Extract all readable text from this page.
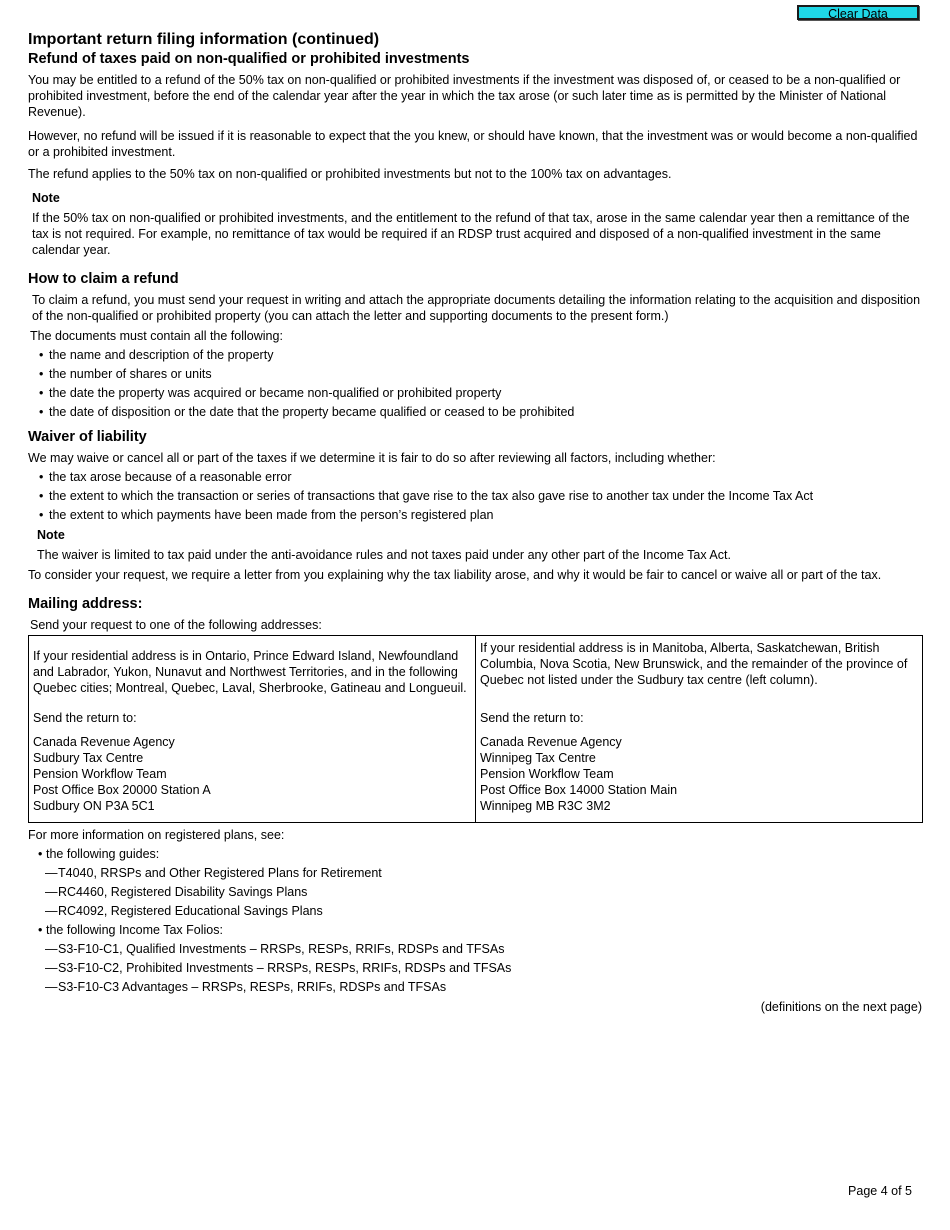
Clear Data
Important return filing information (continued)
Refund of taxes paid on non-qualified or prohibited investments

You may be entitled to a refund of the 50% tax on non-qualified or prohibited investments if the investment was disposed of, or ceased to be a non-qualified or prohibited investment, before the end of the calendar year after the year in which the tax arose (or such later time as is permitted by the Minister of National Revenue).

However, no refund will be issued if it is reasonable to expect that the you knew, or should have known, that the investment was or would become a non-qualified or a prohibited investment.

The refund applies to the 50% tax on non-qualified or prohibited investments but not to the 100% tax on advantages.

Note

If the 50% tax on non-qualified or prohibited investments, and the entitlement to the refund of that tax, arose in the same calendar year then a remittance of the tax is not required. For example, no remittance of tax would be required if an RDSP trust acquired and disposed of a non-qualified investment in the same calendar year.

How to claim a refund

To claim a refund, you must send your request in writing and attach the appropriate documents detailing the information relating to the acquisition and disposition of the non-qualified or prohibited property (you can attach the letter and supporting documents to the present form.)

The documents must contain all the following:

• the name and description of the property
• the number of shares or units
• the date the property was acquired or became non-qualified or prohibited property
• the date of disposition or the date that the property became qualified or ceased to be prohibited
Waiver of liability

We may waive or cancel all or part of the taxes if we determine it is fair to do so after reviewing all factors, including whether:

• the tax arose because of a reasonable error
• the extent to which the transaction or series of transactions that gave rise to the tax also gave rise to another tax under the Income Tax Act
• the extent to which payments have been made from the person’s registered plan

Note

The waiver is limited to tax paid under the anti-avoidance rules and not taxes paid under any other part of the Income Tax Act.

To consider your request, we require a letter from you explaining why the tax liability arose, and why it would be fair to cancel or waive all or part of the tax.

Mailing address:

Send your request to one of the following addresses:

If your residential address is in Ontario, Prince Edward Island, Newfoundland and Labrador, Yukon, Nunavut and Northwest Territories, and in the following Quebec cities; Montreal, Quebec, Laval, Sherbrooke, Gatineau and Longueuil.

Send the return to:

Canada Revenue Agency

Sudbury Tax Centre

Pension Workflow Team

Post Office Box 20000 Station A

Sudbury ON P3A 5C1

If your residential address is in Manitoba, Alberta, Saskatchewan, British Columbia, Nova Scotia, New Brunswick, and the remainder of the province of Quebec not listed under the Sudbury tax centre (left column).

Send the return to:

Canada Revenue Agency

Winnipeg Tax Centre

Pension Workflow Team

Post Office Box 14000 Station Main

Winnipeg MB R3C 3M2

For more information on registered plans, see:

• the following guides:
— T4040, RRSPs and Other Registered Plans for Retirement
— RC4460, Registered Disability Savings Plans
— RC4092, Registered Educational Savings Plans
• the following Income Tax Folios:
— S3-F10-C1, Qualified Investments – RRSPs, RESPs, RRIFs, RDSPs and TFSAs
— S3-F10-C2, Prohibited Investments – RRSPs, RESPs, RRIFs, RDSPs and TFSAs
— S3-F10-C3 Advantages – RRSPs, RESPs, RRIFs, RDSPs and TFSAs

(definitions on the next page)

Page 4 of 5
